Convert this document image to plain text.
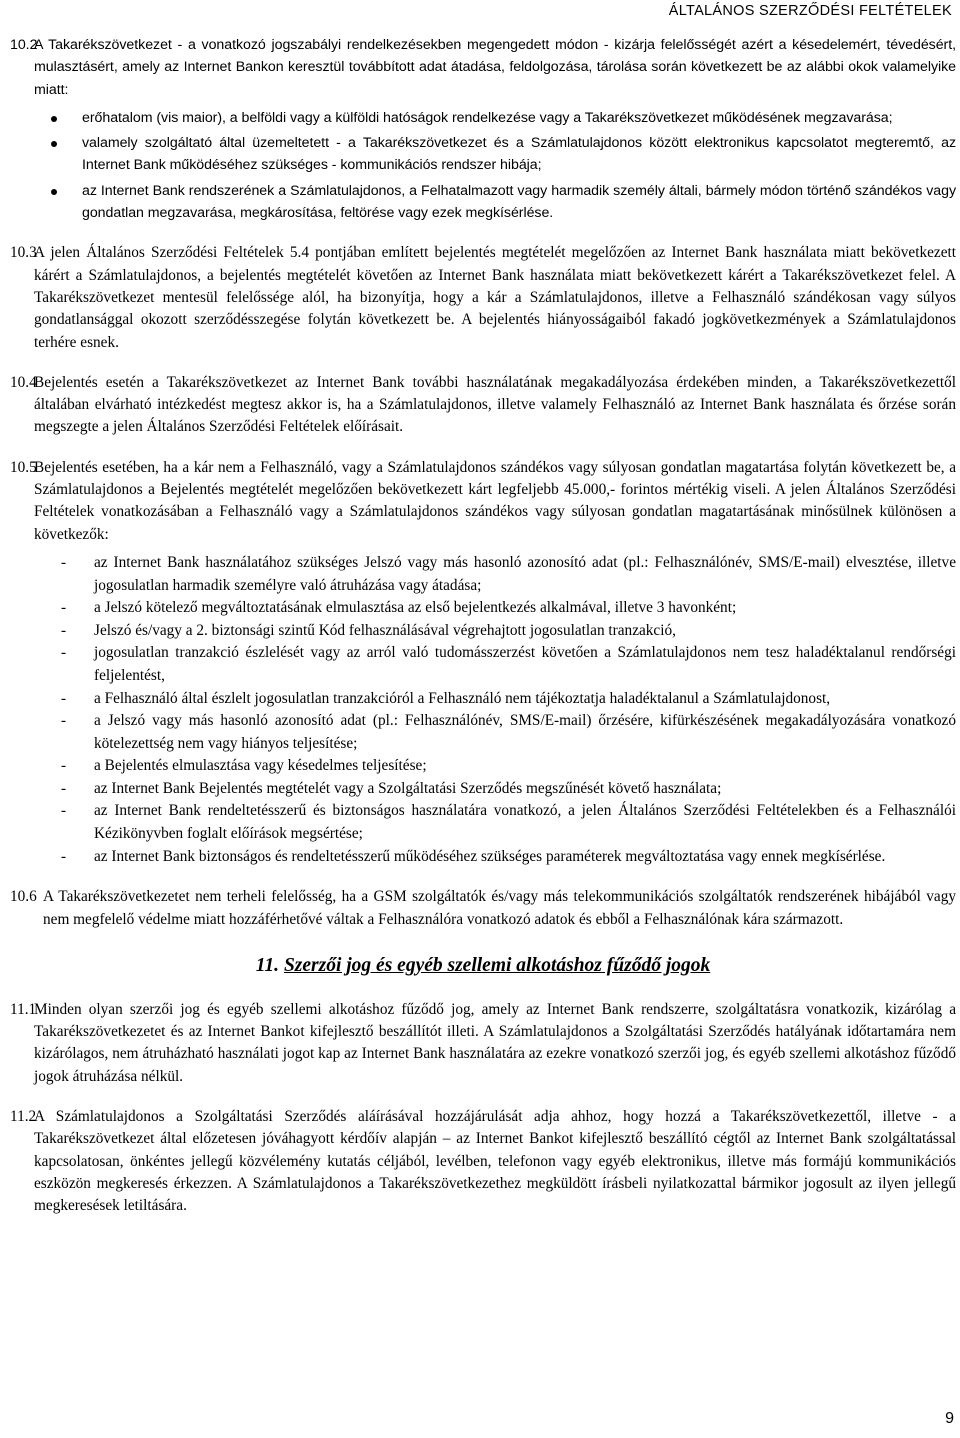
ÁLTALÁNOS SZERZŐDÉSI FELTÉTELEK
10.2
A Takarékszövetkezet - a vonatkozó jogszabályi rendelkezésekben megengedett módon - kizárja felelősségét azért a késedelemért, tévedésért, mulasztásért, amely az Internet Bankon keresztül továbbított adat átadása, feldolgozása, tárolása során következett be az alábbi okok valamelyike miatt:
erőhatalom (vis maior), a belföldi vagy a külföldi hatóságok rendelkezése vagy a Takarékszövetkezet működésének megzavarása;
valamely szolgáltató által üzemeltetett - a Takarékszövetkezet és a Számlatulajdonos között elektronikus kapcsolatot megteremtő, az Internet Bank működéséhez szükséges - kommunikációs rendszer hibája;
az Internet Bank rendszerének a Számlatulajdonos, a Felhatalmazott vagy harmadik személy általi, bármely módon történő szándékos vagy gondatlan megzavarása, megkárosítása, feltörése vagy ezek megkísérlése.
10.3
A jelen Általános Szerződési Feltételek 5.4 pontjában említett bejelentés megtételét megelőzően az Internet Bank használata miatt bekövetkezett kárért a Számlatulajdonos, a bejelentés megtételét követően az Internet Bank használata miatt bekövetkezett kárért a Takarékszövetkezet felel. A Takarékszövetkezet mentesül felelőssége alól, ha bizonyítja, hogy a kár a Számlatulajdonos, illetve a Felhasználó szándékosan vagy súlyos gondatlansággal okozott szerződésszegése folytán következett be. A bejelentés hiányosságaiból fakadó jogkövetkezmények a Számlatulajdonos terhére esnek.
10.4
Bejelentés esetén a Takarékszövetkezet az Internet Bank további használatának megakadályozása érdekében minden, a Takarékszövetkezettől általában elvárható intézkedést megtesz akkor is, ha a Számlatulajdonos, illetve valamely Felhasználó az Internet Bank használata és őrzése során megszegte a jelen Általános Szerződési Feltételek előírásait.
10.5
Bejelentés esetében, ha a kár nem a Felhasználó, vagy a Számlatulajdonos szándékos vagy súlyosan gondatlan magatartása folytán következett be, a Számlatulajdonos a Bejelentés megtételét megelőzően bekövetkezett kárt legfeljebb 45.000,- forintos mértékig viseli. A jelen Általános Szerződési Feltételek vonatkozásában a Felhasználó vagy a Számlatulajdonos szándékos vagy súlyosan gondatlan magatartásának minősülnek különösen a következők:
- az Internet Bank használatához szükséges Jelszó vagy más hasonló azonosító adat (pl.: Felhasználónév, SMS/E-mail) elvesztése, illetve jogosulatlan harmadik személyre való átruházása vagy átadása;
- a Jelszó kötelező megváltoztatásának elmulasztása az első bejelentkezés alkalmával, illetve 3 havonként;
- Jelszó és/vagy a 2. biztonsági szintű Kód felhasználásával végrehajtott jogosulatlan tranzakció,
- jogosulatlan tranzakció észlelését vagy az arról való tudomásszerzést követően a Számlatulajdonos nem tesz haladéktalanul rendőrségi feljelentést,
- a Felhasználó által észlelt jogosulatlan tranzakcióról a Felhasználó nem tájékoztatja haladéktalanul a Számlatulajdonost,
- a Jelszó vagy más hasonló azonosító adat (pl.: Felhasználónév, SMS/E-mail) őrzésére, kifürkészésének megakadályozására vonatkozó kötelezettség nem vagy hiányos teljesítése;
- a Bejelentés elmulasztása vagy késedelmes teljesítése;
- az Internet Bank Bejelentés megtételét vagy a Szolgáltatási Szerződés megszűnését követő használata;
- az Internet Bank rendeltetésszerű és biztonságos használatára vonatkozó, a jelen Általános Szerződési Feltételekben és a Felhasználói Kézikönyvben foglalt előírások megsértése;
- az Internet Bank biztonságos és rendeltetésszerű működéséhez szükséges paraméterek megváltoztatása vagy ennek megkísérlése.
10.6 A Takarékszövetkezetet nem terheli felelősség, ha a GSM szolgáltatók és/vagy más telekommunikációs szolgáltatók rendszerének hibájából vagy nem megfelelő védelme miatt hozzáférhetővé váltak a Felhasználóra vonatkozó adatok és ebből a Felhasználónak kára származott.
11. Szerzői jog és egyéb szellemi alkotáshoz fűződő jogok
11.1
Minden olyan szerzői jog és egyéb szellemi alkotáshoz fűződő jog, amely az Internet Bank rendszerre, szolgáltatásra vonatkozik, kizárólag a Takarékszövetkezetet és az Internet Bankot kifejlesztő beszállítót illeti. A Számlatulajdonos a Szolgáltatási Szerződés hatályának időtartamára nem kizárólagos, nem átruházható használati jogot kap az Internet Bank használatára az ezekre vonatkozó szerzői jog, és egyéb szellemi alkotáshoz fűződő jogok átruházása nélkül.
11.2
A Számlatulajdonos a Szolgáltatási Szerződés aláírásával hozzájárulását adja ahhoz, hogy hozzá a Takarékszövetkezettől, illetve - a Takarékszövetkezet által előzetesen jóváhagyott kérdőív alapján – az Internet Bankot kifejlesztő beszállító cégtől az Internet Bank szolgáltatással kapcsolatosan, önkéntes jellegű közvélemény kutatás céljából, levélben, telefonon vagy egyéb elektronikus, illetve más formájú kommunikációs eszközön megkeresés érkezzen. A Számlatulajdonos a Takarékszövetkezethez megküldött írásbeli nyilatkozattal bármikor jogosult az ilyen jellegű megkeresések letiltására.
9
